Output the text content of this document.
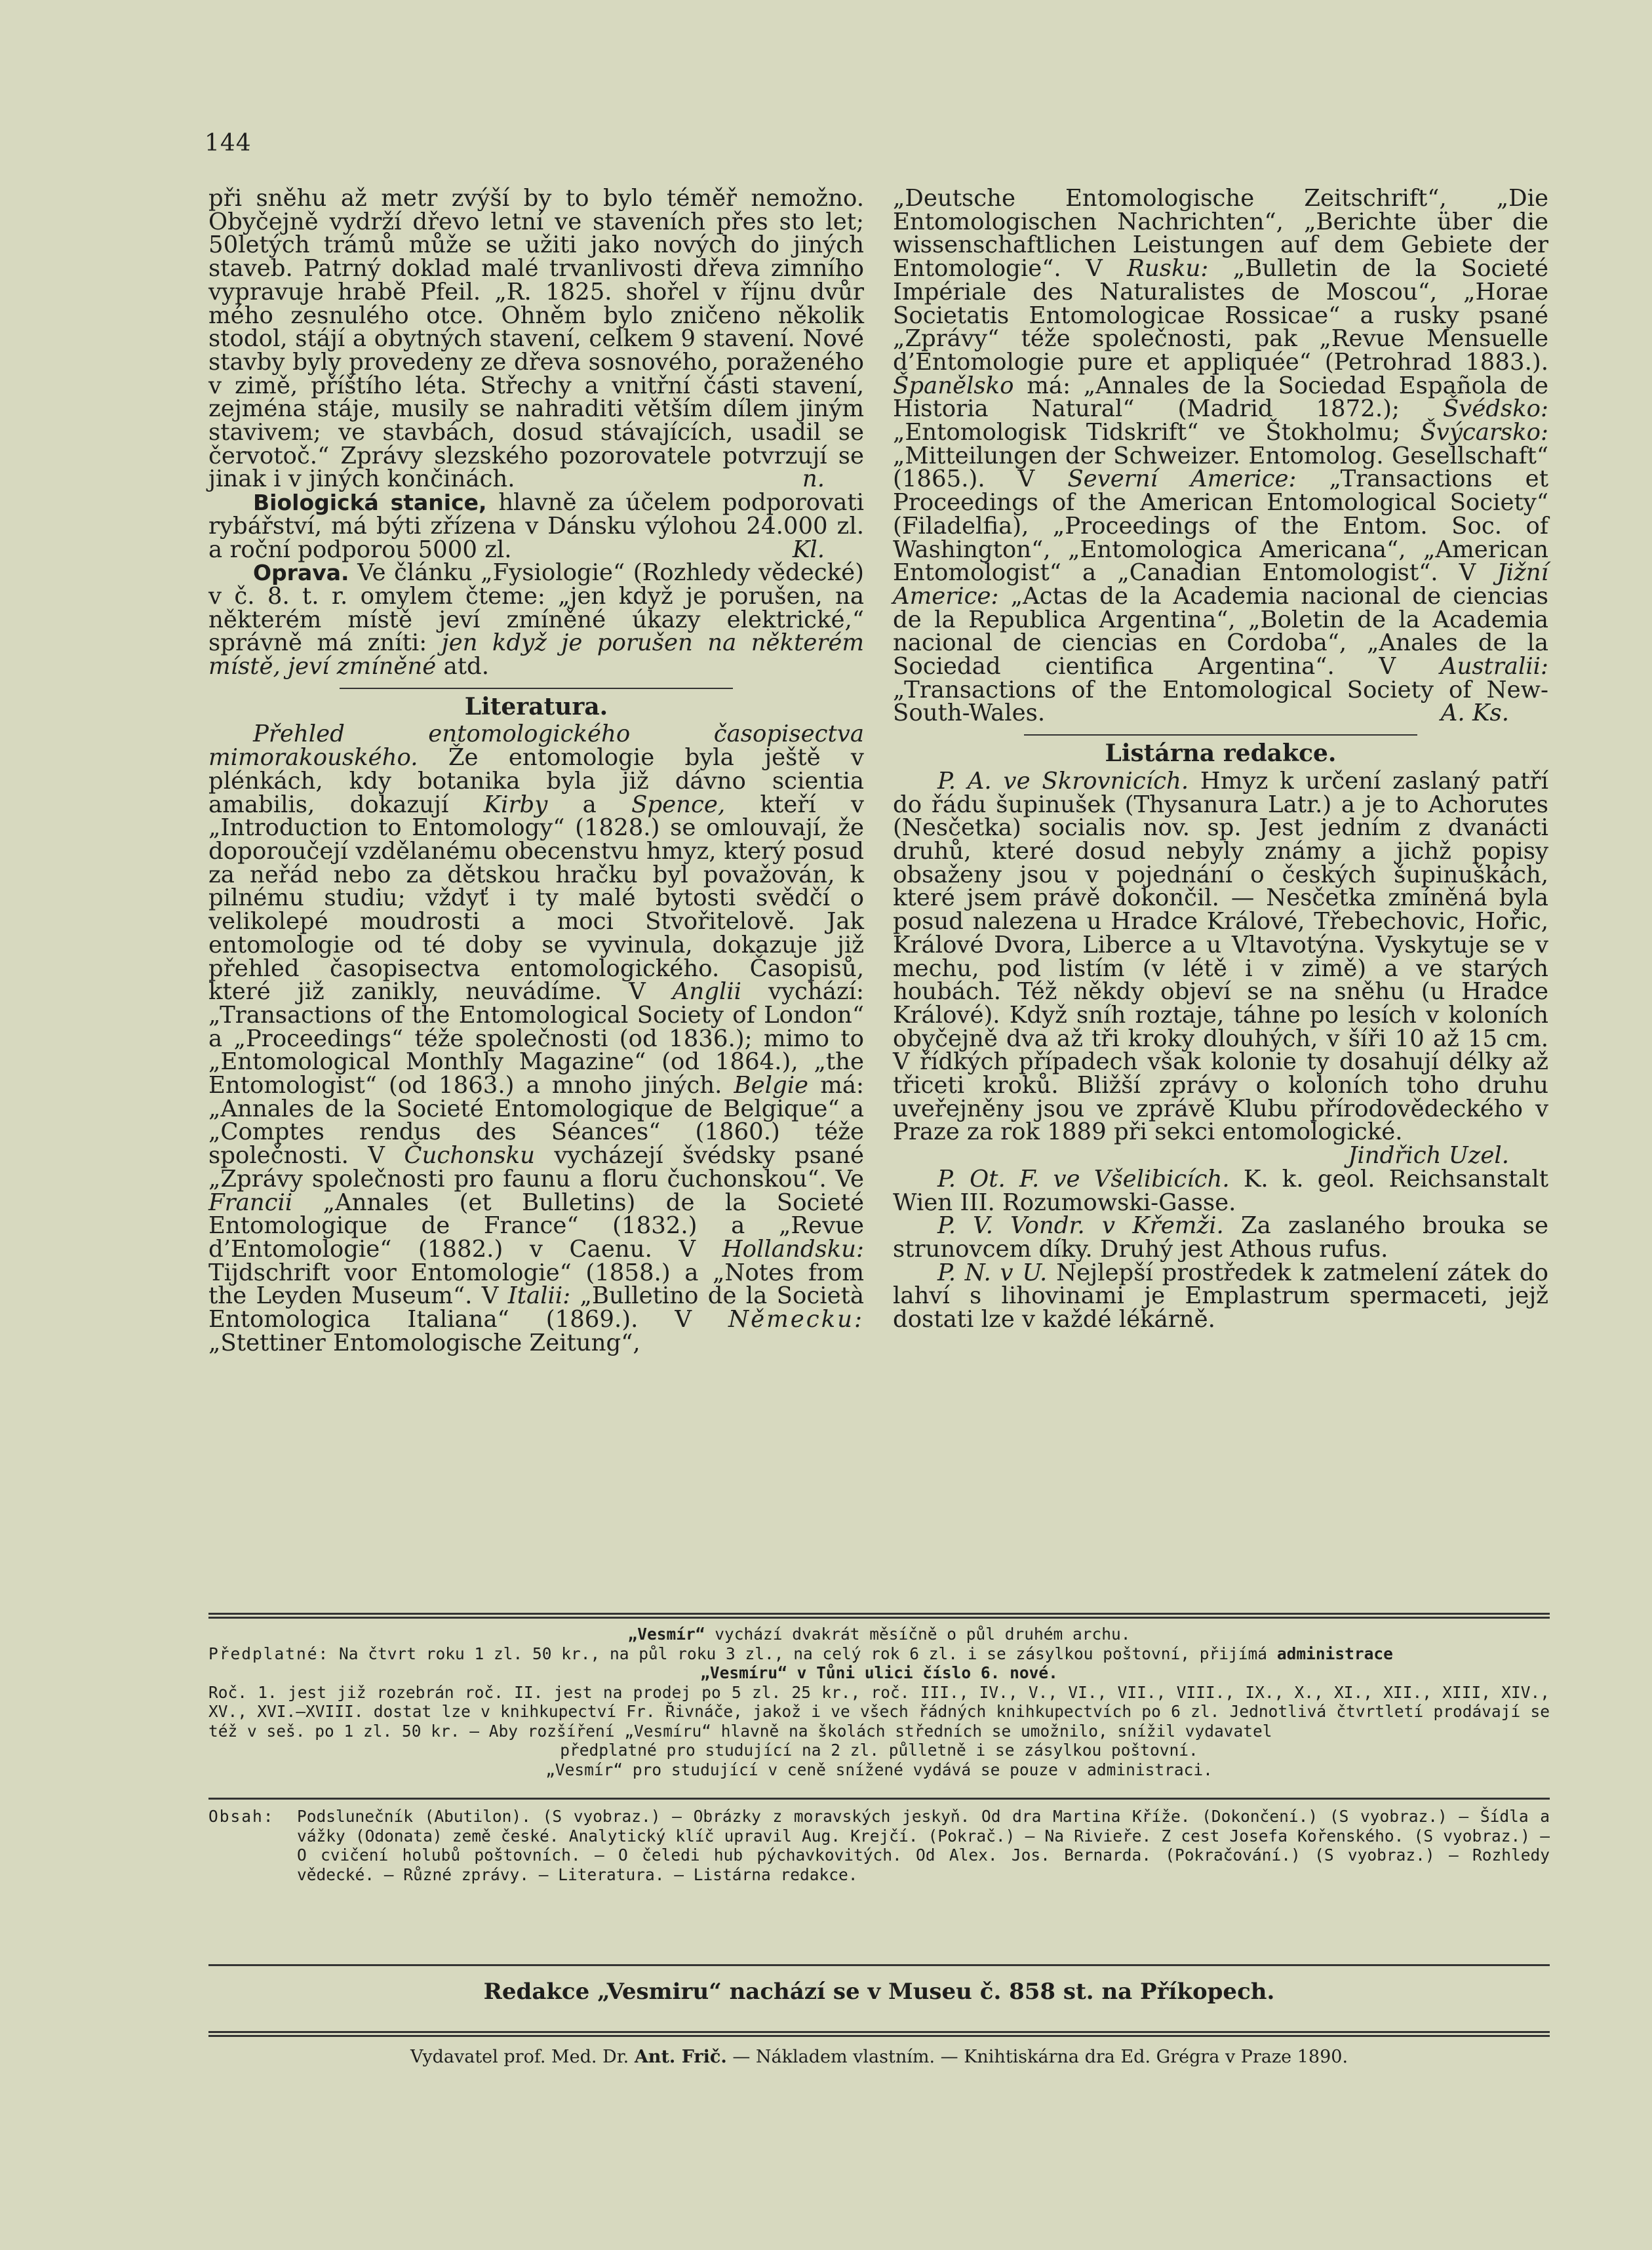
144

při sněhu až metr zvýší by to bylo téměř nemožno. Obyčejně vydrží dřevo letní ve staveních přes sto let; 50letých trámů může se užiti jako nových do jiných staveb. Patrný doklad malé trvanlivosti dřeva zimního vypravuje hrabě Pfeil. „R. 1825. shořel v říjnu dvůr mého zesnulého otce. Ohněm bylo zničeno několik stodol, stájí a obytných stavení, celkem 9 stavení. Nové stavby byly provedeny ze dřeva sosnového, poraženého v zimě, příštího léta. Střechy a vnitřní části stavení, zejména stáje, musily se nahraditi větším dílem jiným stavivem; ve stavbách, dosud stávajících, usadil se červotoč.“ Zprávy slezského pozorovatele potvrzují se jinak i v jiných končinách.	n.

Biologická stanice, hlavně za účelem podporovati rybářství, má býti zřízena v Dánsku výlohou 24.000 zl. a roční podporou 5000 zl.	Kl.

Oprava. Ve článku „Fysiologie“ (Rozhledy vědecké) v č. 8. t. r. omylem čteme: „jen když je porušen, na některém místě jeví zmíněné úkazy elektrické,“ správně má zníti: jen když je porušen na některém místě, jeví zmíněné atd.

Literatura.

Přehled entomologického časopisectva mimorakouského. Že entomologie byla ještě v plénkách, kdy botanika byla již dávno scientia amabilis, dokazují Kirby a Spence, kteří v „Introduction to Entomology“ (1828.) se omlouvají, že doporoučejí vzdělanému obecenstvu hmyz, který posud za neřád nebo za dětskou hračku byl považován, k pilnému studiu; vždyť i ty malé bytosti svědčí o velikolepé moudrosti a moci Stvořitelově. Jak entomologie od té doby se vyvinula, dokazuje již přehled časopisectva entomologického. Časopisů, které již zanikly, neuvádíme. V Anglii vychází: „Transactions of the Entomological Society of London“ a „Proceedings“ téže společnosti (od 1836.); mimo to „Entomological Monthly Magazine“ (od 1864.), „the Entomologist“ (od 1863.) a mnoho jiných. Belgie má: „Annales de la Societé Entomologique de Belgique“ a „Comptes rendus des Séances“ (1860.) téže společnosti. V Čuchonsku vycházejí švédsky psané „Zprávy společnosti pro faunu a floru čuchonskou“. Ve Francii „Annales (et Bulletins) de la Societé Entomologique de France“ (1832.) a „Revue d’Entomologie“ (1882.) v Caenu. V Hollandsku: Tijdschrift voor Entomologie“ (1858.) a „Notes from the Leyden Museum“. V Italii: „Bulletino de la Società Entomologica Italiana“ (1869.). V Německu: „Stettiner Entomologische Zeitung“,

„Deutsche Entomologische Zeitschrift“, „Die Entomologischen Nachrichten“, „Berichte über die wissenschaftlichen Leistungen auf dem Gebiete der Entomologie“. V Rusku: „Bulletin de la Societé Impériale des Naturalistes de Moscou“, „Horae Societatis Entomologicae Rossicae“ a rusky psané „Zprávy“ téže společnosti, pak „Revue Mensuelle d’Entomologie pure et appliquée“ (Petrohrad 1883.). Španělsko má: „Annales de la Sociedad Española de Historia Natural“ (Madrid 1872.); Švédsko: „Entomologisk Tidskrift“ ve Štokholmu; Švýcarsko: „Mitteilungen der Schweizer. Entomolog. Gesellschaft“ (1865.). V Severní Americe: „Transactions et Proceedings of the American Entomological Society“ (Filadelfia), „Proceedings of the Entom. Soc. of Washington“, „Entomologica Americana“, „American Entomologist“ a „Canadian Entomologist“. V Jižní Americe: „Actas de la Academia nacional de ciencias de la Republica Argentina“, „Boletin de la Academia nacional de ciencias en Cordoba“, „Anales de la Sociedad cientifica Argentina“. V Australii: „Transactions of the Entomological Society of New-South-Wales.	A. Ks.

Listárna redakce.

P. A. ve Skrovnicích. Hmyz k určení zaslaný patří do řádu šupinušek (Thysanura Latr.) a je to Achorutes (Nesčetka) socialis nov. sp. Jest jedním z dvanácti druhů, které dosud nebyly známy a jichž popisy obsaženy jsou v pojednání o českých šupinuškách, které jsem právě dokončil. — Nesčetka zmíněná byla posud nalezena u Hradce Králové, Třebechovic, Hořic, Králové Dvora, Liberce a u Vltavotýna. Vyskytuje se v mechu, pod listím (v létě i v zimě) a ve starých houbách. Též někdy objeví se na sněhu (u Hradce Králové). Když sníh roztaje, táhne po lesích v koloních obyčejně dva až tři kroky dlouhých, v šíři 10 až 15 cm. V řídkých případech však kolonie ty dosahují délky až třiceti kroků. Bližší zprávy o koloních toho druhu uveřejněny jsou ve zprávě Klubu přírodovědeckého v Praze za rok 1889 při sekci entomologické.
Jindřich Uzel.

P. Ot. F. ve Všelibicích. K. k. geol. Reichsanstalt Wien III. Rozumowski-Gasse.

P. V. Vondr. v Křemži. Za zaslaného brouka se strunovcem díky. Druhý jest Athous rufus.

P. N. v U. Nejlepší prostředek k zatmelení zátek do lahví s lihovinami je Emplastrum spermaceti, jejž dostati lze v každé lékárně.

„Vesmír“ vychází dvakrát měsíčně o půl druhém archu.
Předplatné: Na čtvrt roku 1 zl. 50 kr., na půl roku 3 zl., na celý rok 6 zl. i se zásylkou poštovní, přijímá administrace
„Vesmíru“ v Tůni ulici číslo 6. nové.
Roč. 1. jest již rozebrán roč. II. jest na prodej po 5 zl. 25 kr., roč. III., IV., V., VI., VII., VIII., IX., X., XI., XII., XIII, XIV., XV., XVI.—XVIII. dostat lze v knihkupectví Fr. Řivnáče, jakož i ve všech řádných knihkupectvích po 6 zl. Jednotlivá čtvrtletí prodávají se též v seš. po 1 zl. 50 kr. — Aby rozšíření „Vesmíru“ hlavně na školách středních se umožnilo, snížil vydavatel
předplatné pro studující na 2 zl. půlletně i se zásylkou poštovní.
„Vesmír“ pro studující v ceně snížené vydává se pouze v administraci.
Obsah:	Podslunečník (Abutilon). (S vyobraz.) — Obrázky z moravských jeskyň. Od dra Martina Kříže. (Dokončení.) (S vyobraz.) — Šídla a vážky (Odonata) země české. Analytický klíč upravil Aug. Krejčí. (Pokrač.) — Na Rivieře. Z cest Josefa Kořenského. (S vyobraz.) — O cvičení holubů poštovních. — O čeledi hub pýchavkovitých. Od Alex. Jos. Bernarda. (Pokračování.) (S vyobraz.) — Rozhledy vědecké. — Různé zprávy. — Literatura. — Listárna redakce.
Redakce „Vesmiru“ nachází se v Museu č. 858 st. na Příkopech.
Vydavatel prof. Med. Dr. Ant. Frič. — Nákladem vlastním. — Knihtiskárna dra Ed. Grégra v Praze 1890.
